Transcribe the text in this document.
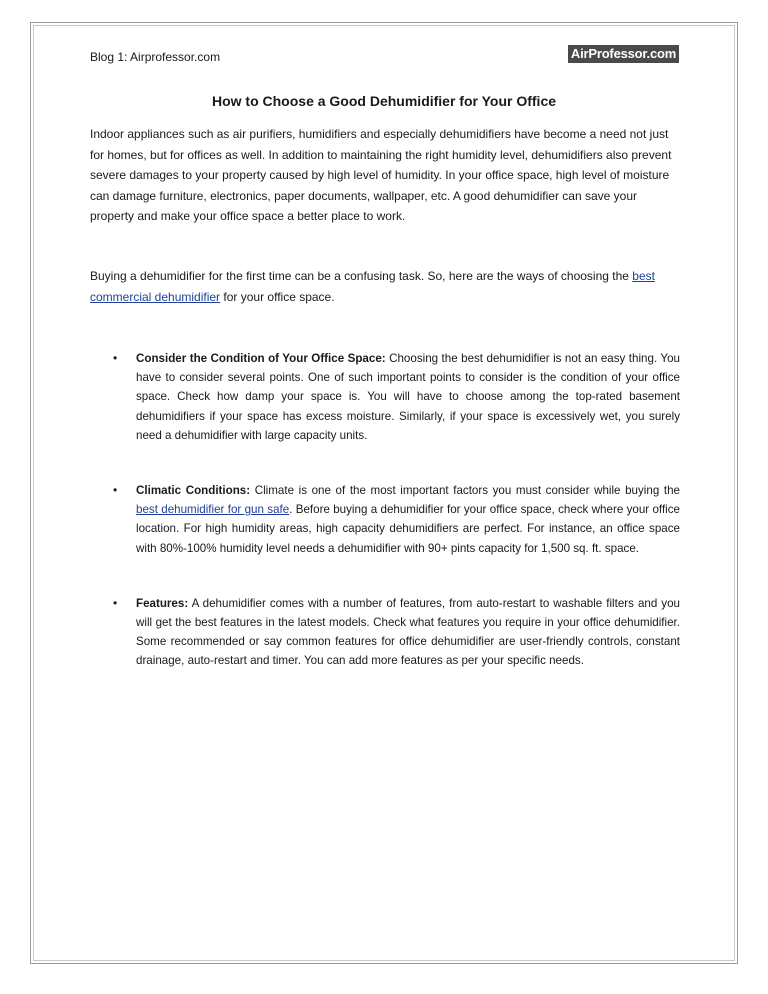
Blog 1: Airprofessor.com	AirProfessor.com
How to Choose a Good Dehumidifier for Your Office
Indoor appliances such as air purifiers, humidifiers and especially dehumidifiers have become a need not just for homes, but for offices as well. In addition to maintaining the right humidity level, dehumidifiers also prevent severe damages to your property caused by high level of humidity. In your office space, high level of moisture can damage furniture, electronics, paper documents, wallpaper, etc. A good dehumidifier can save your property and make your office space a better place to work.
Buying a dehumidifier for the first time can be a confusing task. So, here are the ways of choosing the best commercial dehumidifier for your office space.
• Consider the Condition of Your Office Space: Choosing the best dehumidifier is not an easy thing. You have to consider several points. One of such important points to consider is the condition of your office space. Check how damp your space is. You will have to choose among the top-rated basement dehumidifiers if your space has excess moisture. Similarly, if your space is excessively wet, you surely need a dehumidifier with large capacity units.
• Climatic Conditions: Climate is one of the most important factors you must consider while buying the best dehumidifier for gun safe. Before buying a dehumidifier for your office space, check where your office location. For high humidity areas, high capacity dehumidifiers are perfect. For instance, an office space with 80%-100% humidity level needs a dehumidifier with 90+ pints capacity for 1,500 sq. ft. space.
• Features: A dehumidifier comes with a number of features, from auto-restart to washable filters and you will get the best features in the latest models. Check what features you require in your office dehumidifier. Some recommended or say common features for office dehumidifier are user-friendly controls, constant drainage, auto-restart and timer. You can add more features as per your specific needs.
